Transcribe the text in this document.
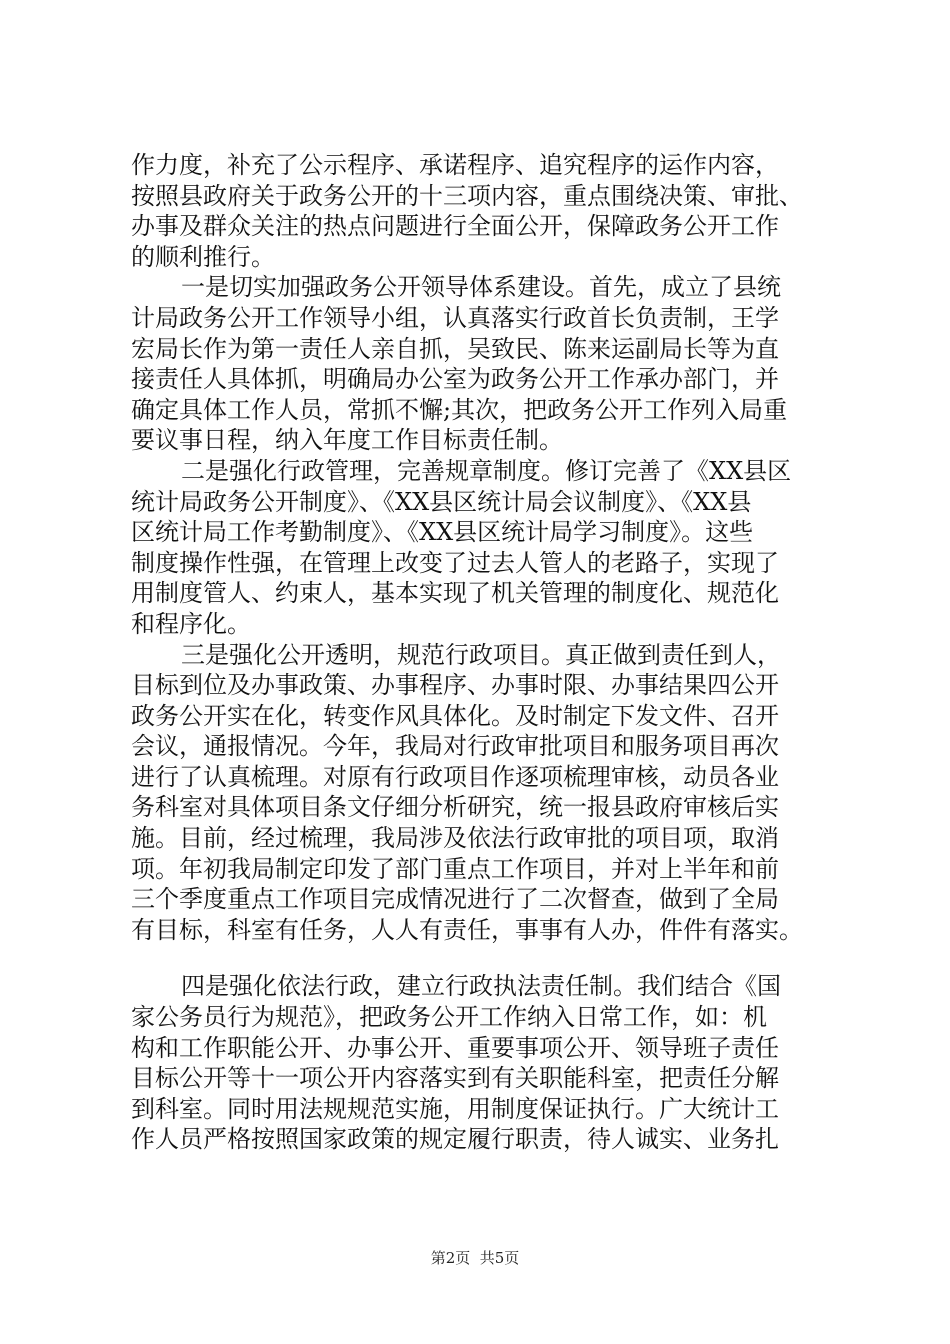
作力度，补充了公示程序、承诺程序、追究程序的运作内容，
按照县政府关于政务公开的十三项内容，重点围绕决策、审批、
办事及群众关注的热点问题进行全面公开，保障政务公开工作
的顺利推行。
一是切实加强政务公开领导体系建设。首先，成立了县统
计局政务公开工作领导小组，认真落实行政首长负责制，王学
宏局长作为第一责任人亲自抓，吴致民、陈来运副局长等为直
接责任人具体抓，明确局办公室为政务公开工作承办部门，并
确定具体工作人员，常抓不懈;其次，把政务公开工作列入局重
要议事日程，纳入年度工作目标责任制。
二是强化行政管理，完善规章制度。修订完善了《XX县区
统计局政务公开制度》、《XX县区统计局会议制度》、《XX县
区统计局工作考勤制度》、《XX县区统计局学习制度》。这些
制度操作性强，在管理上改变了过去人管人的老路子，实现了
用制度管人、约束人，基本实现了机关管理的制度化、规范化
和程序化。
三是强化公开透明，规范行政项目。真正做到责任到人，
目标到位及办事政策、办事程序、办事时限、办事结果四公开
政务公开实在化，转变作风具体化。及时制定下发文件、召开
会议，通报情况。今年，我局对行政审批项目和服务项目再次
进行了认真梳理。对原有行政项目作逐项梳理审核，动员各业
务科室对具体项目条文仔细分析研究，统一报县政府审核后实
施。目前，经过梳理，我局涉及依法行政审批的项目项，取消
项。年初我局制定印发了部门重点工作项目，并对上半年和前
三个季度重点工作项目完成情况进行了二次督查，做到了全局
有目标，科室有任务，人人有责任，事事有人办，件件有落实。
四是强化依法行政，建立行政执法责任制。我们结合《国
家公务员行为规范》，把政务公开工作纳入日常工作，如：机
构和工作职能公开、办事公开、重要事项公开、领导班子责任
目标公开等十一项公开内容落实到有关职能科室，把责任分解
到科室。同时用法规规范实施，用制度保证执行。广大统计工
作人员严格按照国家政策的规定履行职责，待人诚实、业务扎
第2页  共5页
